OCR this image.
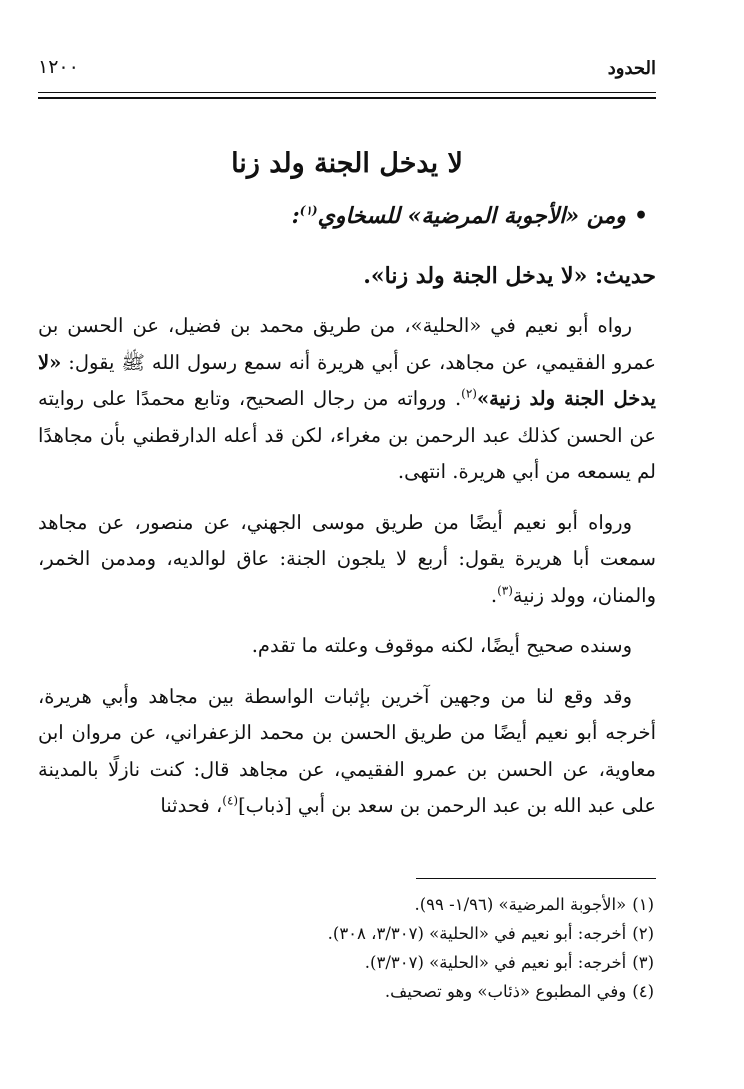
الحدود
١٢٠٠
لا يدخل الجنة ولد زنا

•ومن «الأجوبة المرضية» للسخاوي$^{(١)}$:

حديث: «لا يدخل الجنة ولد زنا».

رواه أبو نعيم في «الحلية»، من طريق محمد بن فضيل، عن الحسن بن عمرو الفقيمي، عن مجاهد، عن أبي هريرة أنه سمع رسول الله ﷺ يقول: «لا يدخل الجنة ولد زنية»$^{(٢)}$. ورواته من رجال الصحيح، وتابع محمدًا على روايته عن الحسن كذلك عبد الرحمن بن مغراء، لكن قد أعله الدارقطني بأن مجاهدًا لم يسمعه من أبي هريرة. انتهى.

ورواه أبو نعيم أيضًا من طريق موسى الجهني، عن منصور، عن مجاهد سمعت أبا هريرة يقول: أربع لا يلجون الجنة: عاق لوالديه، ومدمن الخمر، والمنان، وولد زنية$^{(٣)}$.

وسنده صحيح أيضًا، لكنه موقوف وعلته ما تقدم.

وقد وقع لنا من وجهين آخرين بإثبات الواسطة بين مجاهد وأبي هريرة، أخرجه أبو نعيم أيضًا من طريق الحسن بن محمد الزعفراني، عن مروان ابن معاوية، عن الحسن بن عمرو الفقيمي، عن مجاهد قال: كنت نازلًا بالمدينة على عبد الله بن عبد الرحمن بن سعد بن أبي [ذباب]$^{(٤)}$، فحدثنا

(١)«الأجوبة المرضية» (١/٩٦- ٩٩).
(٢)أخرجه: أبو نعيم في «الحلية» (٣/٣٠٧، ٣٠٨).
(٣)أخرجه: أبو نعيم في «الحلية» (٣/٣٠٧).
(٤)وفي المطبوع «ذئاب» وهو تصحيف.
